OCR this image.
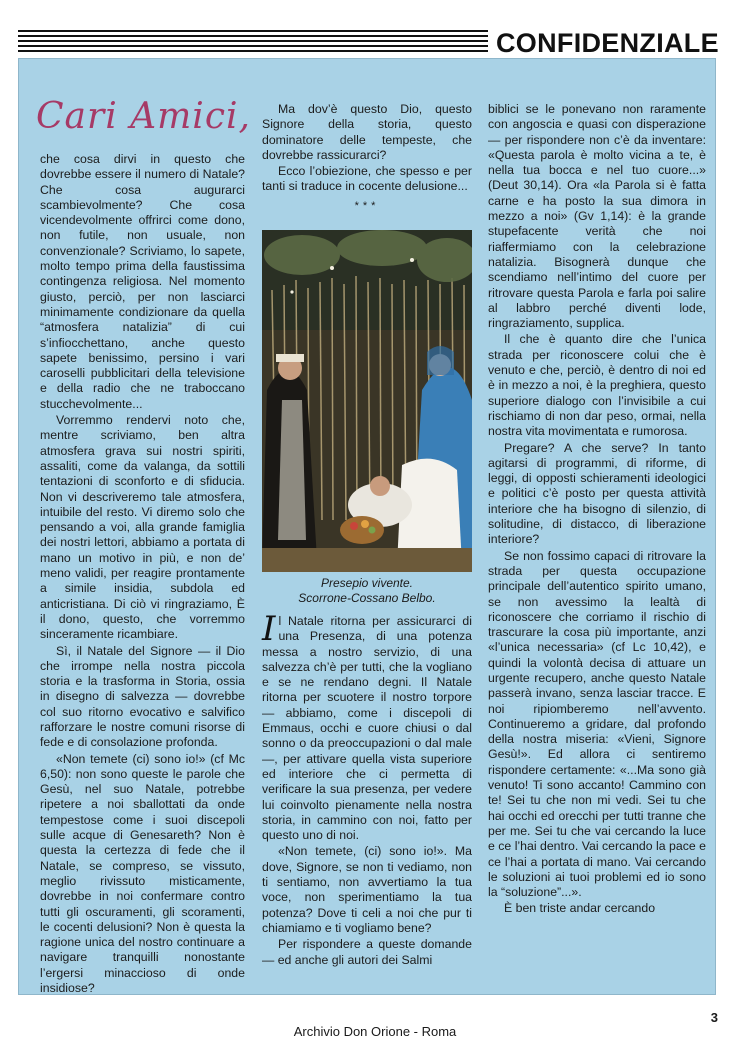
CONFIDENZIALE
Cari Amici,

che cosa dirvi in questo che dovrebbe essere il numero di Natale? Che cosa augurarci scambievolmente? Che cosa vicendevolmente offrirci come dono, non futile, non usuale, non convenzionale? Scriviamo, lo sapete, molto tempo prima della faustissima contingenza religiosa. Nel momento giusto, perciò, per non lasciarci minimamente condizionare da quella “atmosfera natalizia” di cui s’infiocchettano, anche questo sapete benissimo, persino i vari caroselli pubblicitari della televisione e della radio che ne traboccano stucchevolmente...

Vorremmo rendervi noto che, mentre scriviamo, ben altra atmosfera grava sui nostri spiriti, assaliti, come da valanga, da sottili tentazioni di sconforto e di sfiducia. Non vi descriveremo tale atmosfera, intuibile del resto. Vi diremo solo che pensando a voi, alla grande famiglia dei nostri lettori, abbiamo a portata di mano un motivo in più, e non de’ meno validi, per reagire prontamente a simile insidia, subdola ed anticristiana. Di ciò vi ringraziamo, È il dono, questo, che vorremmo sinceramente ricambiare.

Sì, il Natale del Signore — il Dio che irrompe nella nostra piccola storia e la trasforma in Storia, ossia in disegno di salvezza — dovrebbe col suo ritorno evocativo e salvifico rafforzare le nostre comuni risorse di fede e di consolazione profonda.

«Non temete (ci) sono io!» (cf Mc 6,50): non sono queste le parole che Gesù, nel suo Natale, potrebbe ripetere a noi sballottati da onde tempestose come i suoi discepoli sulle acque di Genesareth? Non è questa la certezza di fede che il Natale, se compreso, se vissuto, meglio rivissuto misticamente, dovrebbe in noi confermare contro tutti gli oscuramenti, gli scoramenti, le cocenti delusioni? Non è questa la ragione unica del nostro continuare a navigare tranquilli nonostante l’ergersi minaccioso di onde insidiose?

Ma dov’è questo Dio, questo Signore della storia, questo dominatore delle tempeste, che dovrebbe rassicurarci?

Ecco l’obiezione, che spesso e per tanti si traduce in cocente delusione...

***
Presepio vivente.
Scorrone-Cossano Belbo.

Il Natale ritorna per assicurarci di una Presenza, di una potenza messa a nostro servizio, di una salvezza ch’è per tutti, che la vogliano e se ne rendano degni. Il Natale ritorna per scuotere il nostro torpore — abbiamo, come i discepoli di Emmaus, occhi e cuore chiusi o dal sonno o da preoccupazioni o dal male —, per attivare quella vista superiore ed interiore che ci permetta di verificare la sua presenza, per vedere lui coinvolto pienamente nella nostra storia, in cammino con noi, fatto per questo uno di noi.

«Non temete, (ci) sono io!». Ma dove, Signore, se non ti vediamo, non ti sentiamo, non avvertiamo la tua voce, non sperimentiamo la tua potenza? Dove ti celi a noi che pur ti chiamiamo e ti vogliamo bene?

Per rispondere a queste domande — ed anche gli autori dei Salmi

biblici se le ponevano non raramente con angoscia e quasi con disperazione — per rispondere non c’è da inventare: «Questa parola è molto vicina a te, è nella tua bocca e nel tuo cuore...» (Deut 30,14). Ora «la Parola si è fatta carne e ha posto la sua dimora in mezzo a noi» (Gv 1,14): è la grande stupefacente verità che noi riaffermiamo con la celebrazione natalizia. Bisognerà dunque che scendiamo nell’intimo del cuore per ritrovare questa Parola e farla poi salire al labbro perché diventi lode, ringraziamento, supplica.

Il che è quanto dire che l’unica strada per riconoscere colui che è venuto e che, perciò, è dentro di noi ed è in mezzo a noi, è la preghiera, questo superiore dialogo con l’invisibile a cui rischiamo di non dar peso, ormai, nella nostra vita movimentata e rumorosa.

Pregare? A che serve? In tanto agitarsi di programmi, di riforme, di leggi, di opposti schieramenti ideologici e politici c’è posto per questa attività interiore che ha bisogno di silenzio, di solitudine, di distacco, di liberazione interiore?

Se non fossimo capaci di ritrovare la strada per questa occupazione principale dell’autentico spirito umano, se non avessimo la lealtà di riconoscere che corriamo il rischio di trascurare la cosa più importante, anzi «l’unica necessaria» (cf Lc 10,42), e quindi la volontà decisa di attuare un urgente recupero, anche questo Natale passerà invano, senza lasciar tracce. E noi ripiomberemo nell’avvento. Continueremo a gridare, dal profondo della nostra miseria: «Vieni, Signore Gesù!». Ed allora ci sentiremo rispondere certamente: «...Ma sono già venuto! Ti sono accanto! Cammino con te! Sei tu che non mi vedi. Sei tu che hai occhi ed orecchi per tutti tranne che per me. Sei tu che vai cercando la luce e ce l’hai dentro. Vai cercando la pace e ce l’hai a portata di mano. Vai cercando le soluzioni ai tuoi problemi ed io sono la “soluzione”...».

È ben triste andar cercando

3
Archivio Don Orione - Roma
